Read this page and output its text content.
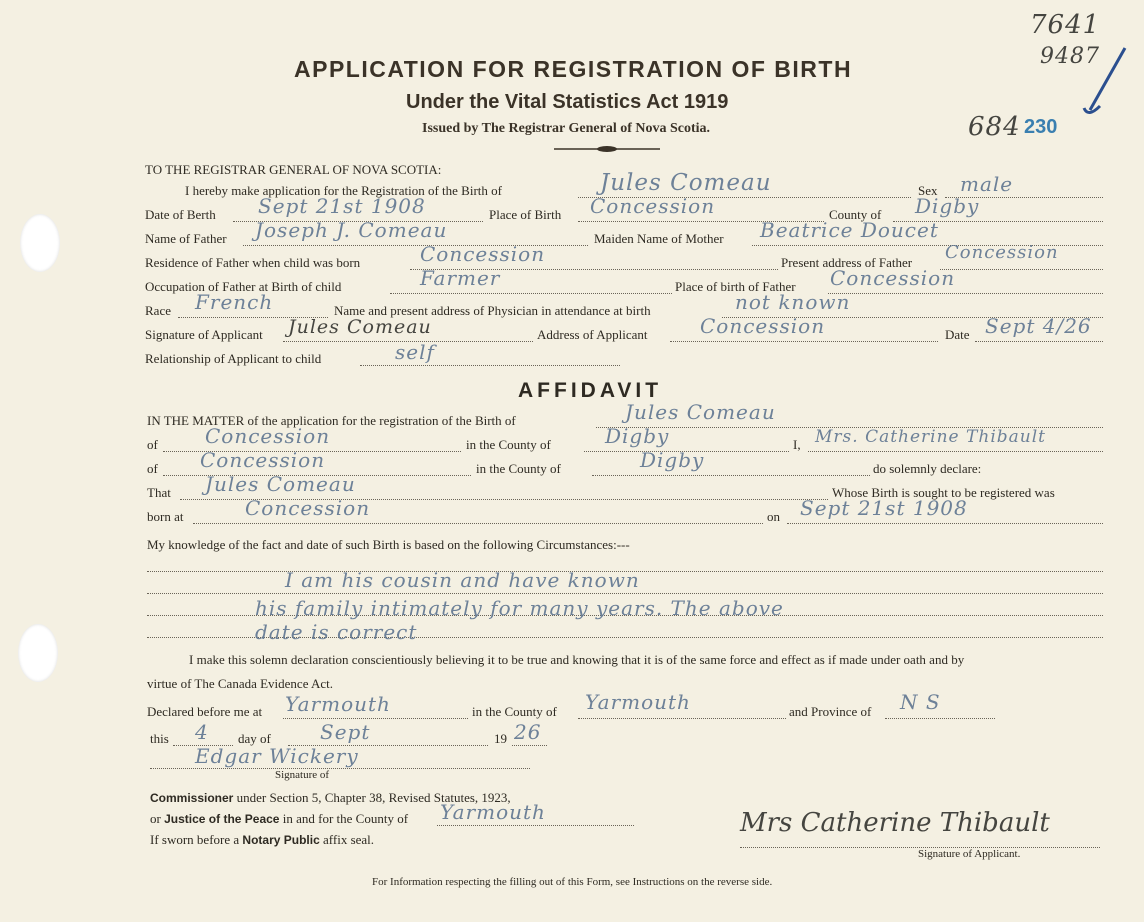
7641
9487
684 230
APPLICATION FOR REGISTRATION OF BIRTH
Under the Vital Statistics Act 1919
Issued by The Registrar General of Nova Scotia.
TO THE REGISTRAR GENERAL OF NOVA SCOTIA:
I hereby make application for the Registration of the Birth of	Jules Comeau	Sex male
Date of Berth Sept 21st 1908	Place of Birth Concession	County of Digby
Name of Father Joseph J. Comeau	Maiden Name of Mother Beatrice Doucet
Residence of Father when child was born	Concession	Present address of Father Concession
Occupation of Father at Birth of child	Farmer	Place of birth of Father Concession
Race French	Name and present address of Physician in attendance at birth	not known
Signature of Applicant Jules Comeau	Address of Applicant	Concession	Date Sept 4/26
Relationship of Applicant to child	self
AFFIDAVIT
IN THE MATTER of the application for the registration of the Birth of	Jules Comeau
of Concession	in the County of	Digby	I, Mrs. Catherine Thibault
of Concession	in the County of	Digby	do solemnly declare:
That Jules Comeau	Whose Birth is sought to be registered was
born at	Concession	on Sept 21st 1908
My knowledge of the fact and date of such Birth is based on the following Circumstances:---
I am his cousin and have known
his family intimately for many years. The above
date is correct
I make this solemn declaration conscientiously believing it to be true and knowing that it is of the same force and effect as if made under oath and by
virtue of The Canada Evidence Act.
Declared before me at Yarmouth	in the County of Yarmouth	and Province of N S
this 4 day of Sept	19 26
Edgar Wickery
Signature of
Commissioner under Section 5, Chapter 38, Revised Statutes, 1923,
or Justice of the Peace in and for the County of Yarmouth
If sworn before a Notary Public affix seal.
Mrs Catherine Thibault
Signature of Applicant.
For Information respecting the filling out of this Form, see Instructions on the reverse side.
